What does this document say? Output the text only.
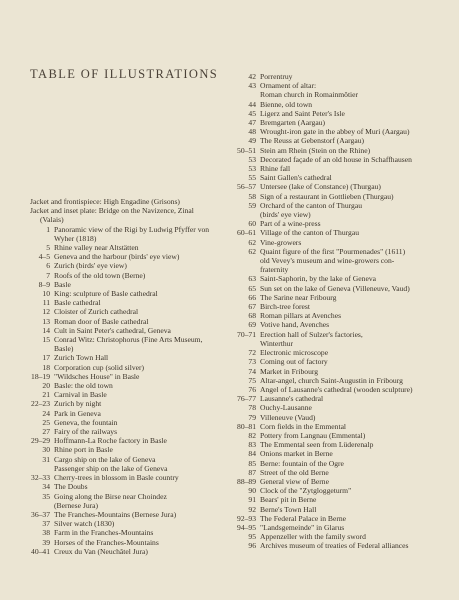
TABLE OF ILLUSTRATIONS
Jacket and frontispiece: High Engadine (Grisons)
Jacket and inset plate: Bridge on the Navizence, Zinal
(Valais)
1 Panoramic view of the Rigi by Ludwig Pfyffer von
Wyher (1818)
5 Rhine valley near Altstätten
4–5 Geneva and the harbour (birds' eye view)
6 Zurich (birds' eye view)
7 Roofs of the old town (Berne)
8–9 Basle
10 King: sculpture of Basle cathedral
11 Basle cathedral
12 Cloister of Zurich cathedral
13 Roman door of Basle cathedral
14 Cult in Saint Peter's cathedral, Geneva
15 Conrad Witz: Christophorus (Fine Arts Museum,
Basle)
17 Zurich Town Hall
18 Corporation cup (solid silver)
18–19 "Wildsches House" in Basle
20 Basle: the old town
21 Carnival in Basle
22–23 Zurich by night
24 Park in Geneva
25 Geneva, the fountain
27 Fairy of the railways
29–29 Hoffmann-La Roche factory in Basle
30 Rhine port in Basle
31 Cargo ship on the lake of Geneva
Passenger ship on the lake of Geneva
32–33 Cherry-trees in blossom in Basle country
34 The Doubs
35 Going along the Birse near Choindez
(Bernese Jura)
36–37 The Franches-Mountains (Bernese Jura)
37 Silver watch (1830)
38 Farm in the Franches-Mountains
39 Horses of the Franches-Mountains
40–41 Creux du Van (Neuchâtel Jura)
42 Porrentruy
43 Ornament of altar:
Roman church in Romainmôtier
44 Bienne, old town
45 Ligerz and Saint Peter's Isle
47 Bremgarten (Aargau)
48 Wrought-iron gate in the abbey of Muri (Aargau)
49 The Reuss at Gebenstorf (Aargau)
50–51 Stein am Rhein (Stein on the Rhine)
53 Decorated façade of an old house in Schaffhausen
53 Rhine fall
55 Saint Gallen's cathedral
56–57 Untersee (lake of Constance) (Thurgau)
58 Sign of a restaurant in Gottlieben (Thurgau)
59 Orchard of the canton of Thurgau
(birds' eye view)
60 Part of a wine-press
60–61 Village of the canton of Thurgau
62 Vine-growers
62 Quaint figure of the first "Pourmenades" (1611)
old Vevey's museum and wine-growers con-
fraternity
63 Saint-Saphorin, by the lake of Geneva
65 Sun set on the lake of Geneva (Villeneuve, Vaud)
66 The Sarine near Fribourg
67 Birch-tree forest
68 Roman pillars at Avenches
69 Votive hand, Avenches
70–71 Erection hall of Sulzer's factories,
Winterthur
72 Electronic microscope
73 Coming out of factory
74 Market in Fribourg
75 Altar-angel, church Saint-Augustin in Fribourg
76 Angel of Lausanne's cathedral (wooden sculpture)
76–77 Lausanne's cathedral
78 Ouchy-Lausanne
79 Villeneuve (Vaud)
80–81 Corn fields in the Emmental
82 Pottery from Langnau (Emmental)
83 The Emmental seen from Lüderenalp
84 Onions market in Berne
85 Berne: fountain of the Ogre
87 Street of the old Berne
88–89 General view of Berne
90 Clock of the "Zytgloggeturm"
91 Bears' pit in Berne
92 Berne's Town Hall
92–93 The Federal Palace in Berne
94–95 "Landsgemeinde" in Glarus
95 Appenzeller with the family sword
96 Archives museum of treaties of Federal alliances
